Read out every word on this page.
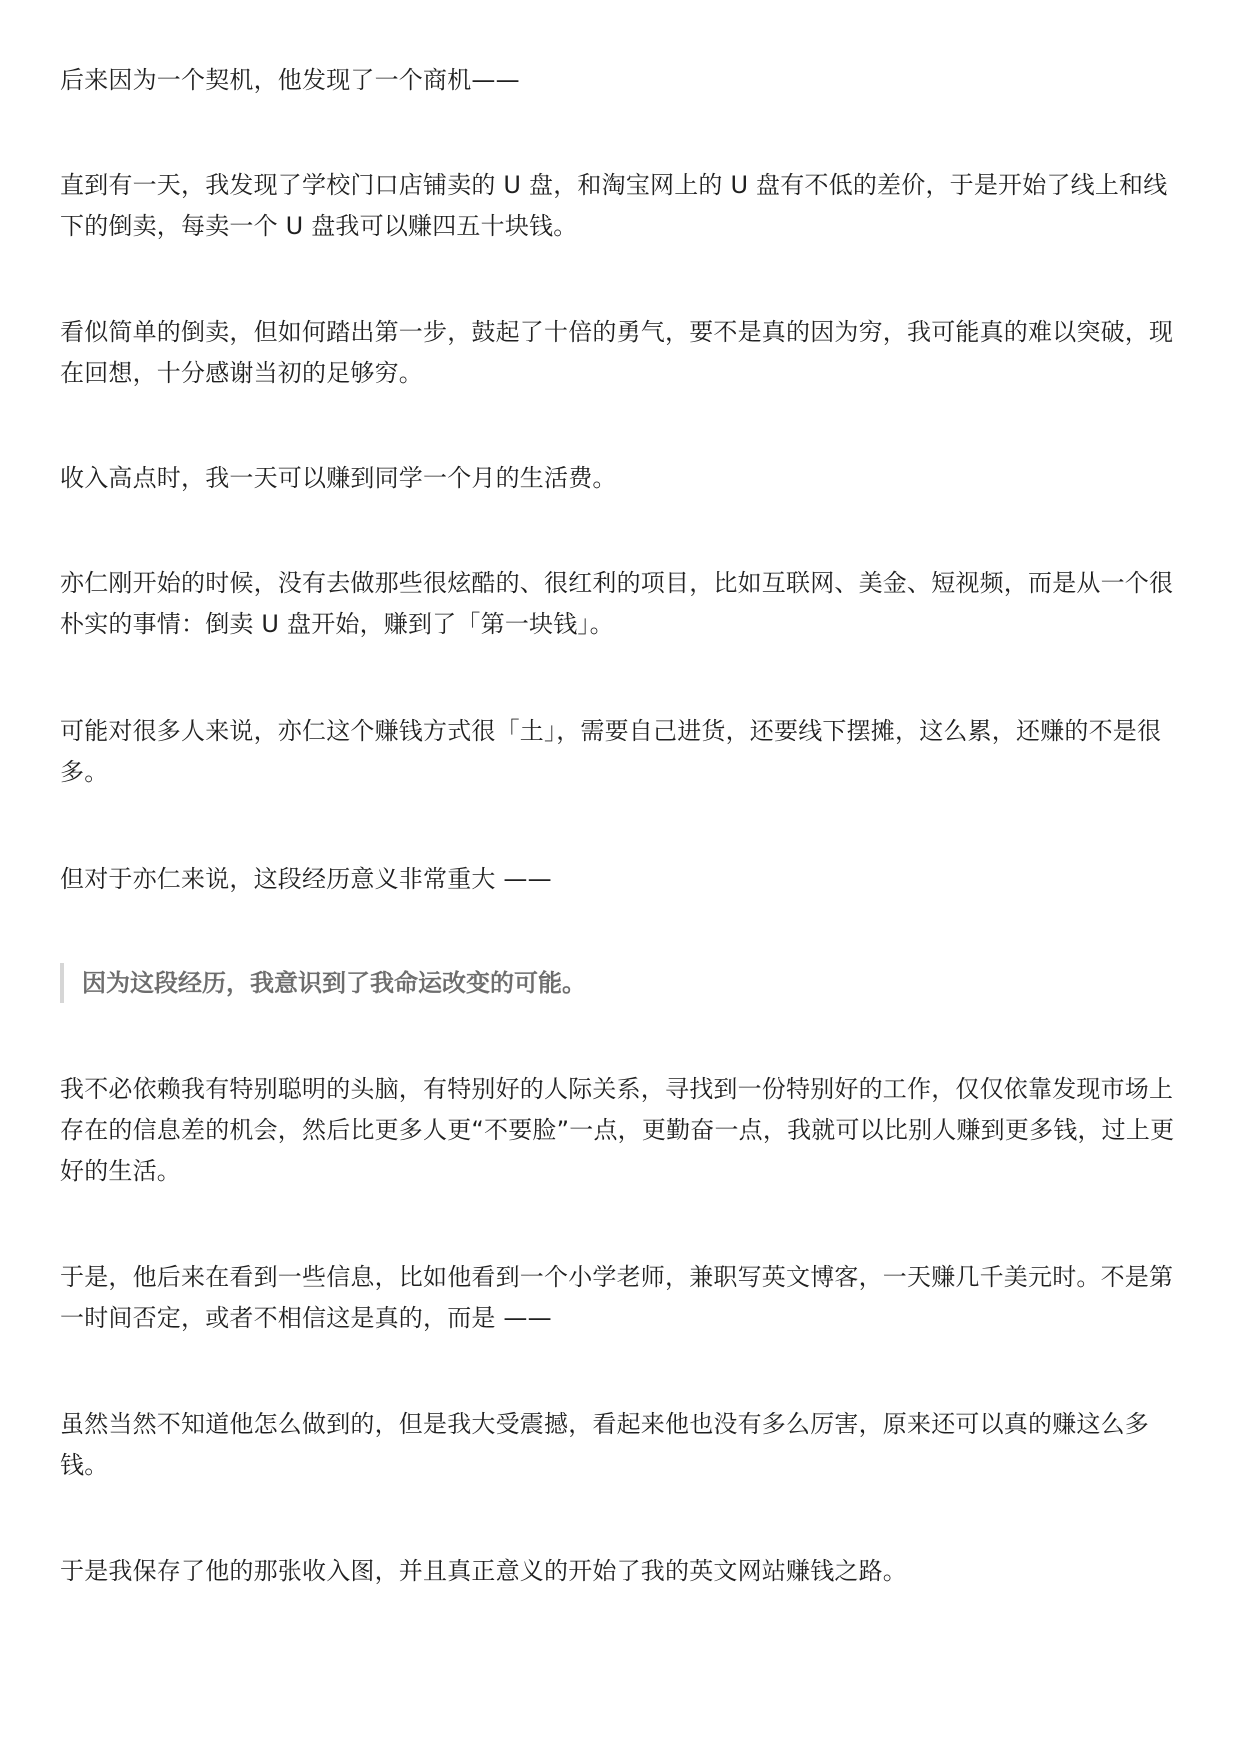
后来因为一个契机，他发现了一个商机——

直到有一天，我发现了学校门口店铺卖的 U 盘，和淘宝网上的 U 盘有不低的差价，于是开始了线上和线下的倒卖，每卖一个 U 盘我可以赚四五十块钱。

看似简单的倒卖，但如何踏出第一步，鼓起了十倍的勇气，要不是真的因为穷，我可能真的难以突破，现在回想，十分感谢当初的足够穷。

收入高点时，我一天可以赚到同学一个月的生活费。

亦仁刚开始的时候，没有去做那些很炫酷的、很红利的项目，比如互联网、美金、短视频，而是从一个很朴实的事情：倒卖 U 盘开始，赚到了「第一块钱」。

可能对很多人来说，亦仁这个赚钱方式很「土」，需要自己进货，还要线下摆摊，这么累，还赚的不是很多。

但对于亦仁来说，这段经历意义非常重大 ——

因为这段经历，我意识到了我命运改变的可能。

我不必依赖我有特别聪明的头脑，有特别好的人际关系，寻找到一份特别好的工作，仅仅依靠发现市场上存在的信息差的机会，然后比更多人更“不要脸”一点，更勤奋一点，我就可以比别人赚到更多钱，过上更好的生活。

于是，他后来在看到一些信息，比如他看到一个小学老师，兼职写英文博客，一天赚几千美元时。不是第一时间否定，或者不相信这是真的，而是 ——

虽然当然不知道他怎么做到的，但是我大受震撼，看起来他也没有多么厉害，原来还可以真的赚这么多钱。

于是我保存了他的那张收入图，并且真正意义的开始了我的英文网站赚钱之路。
